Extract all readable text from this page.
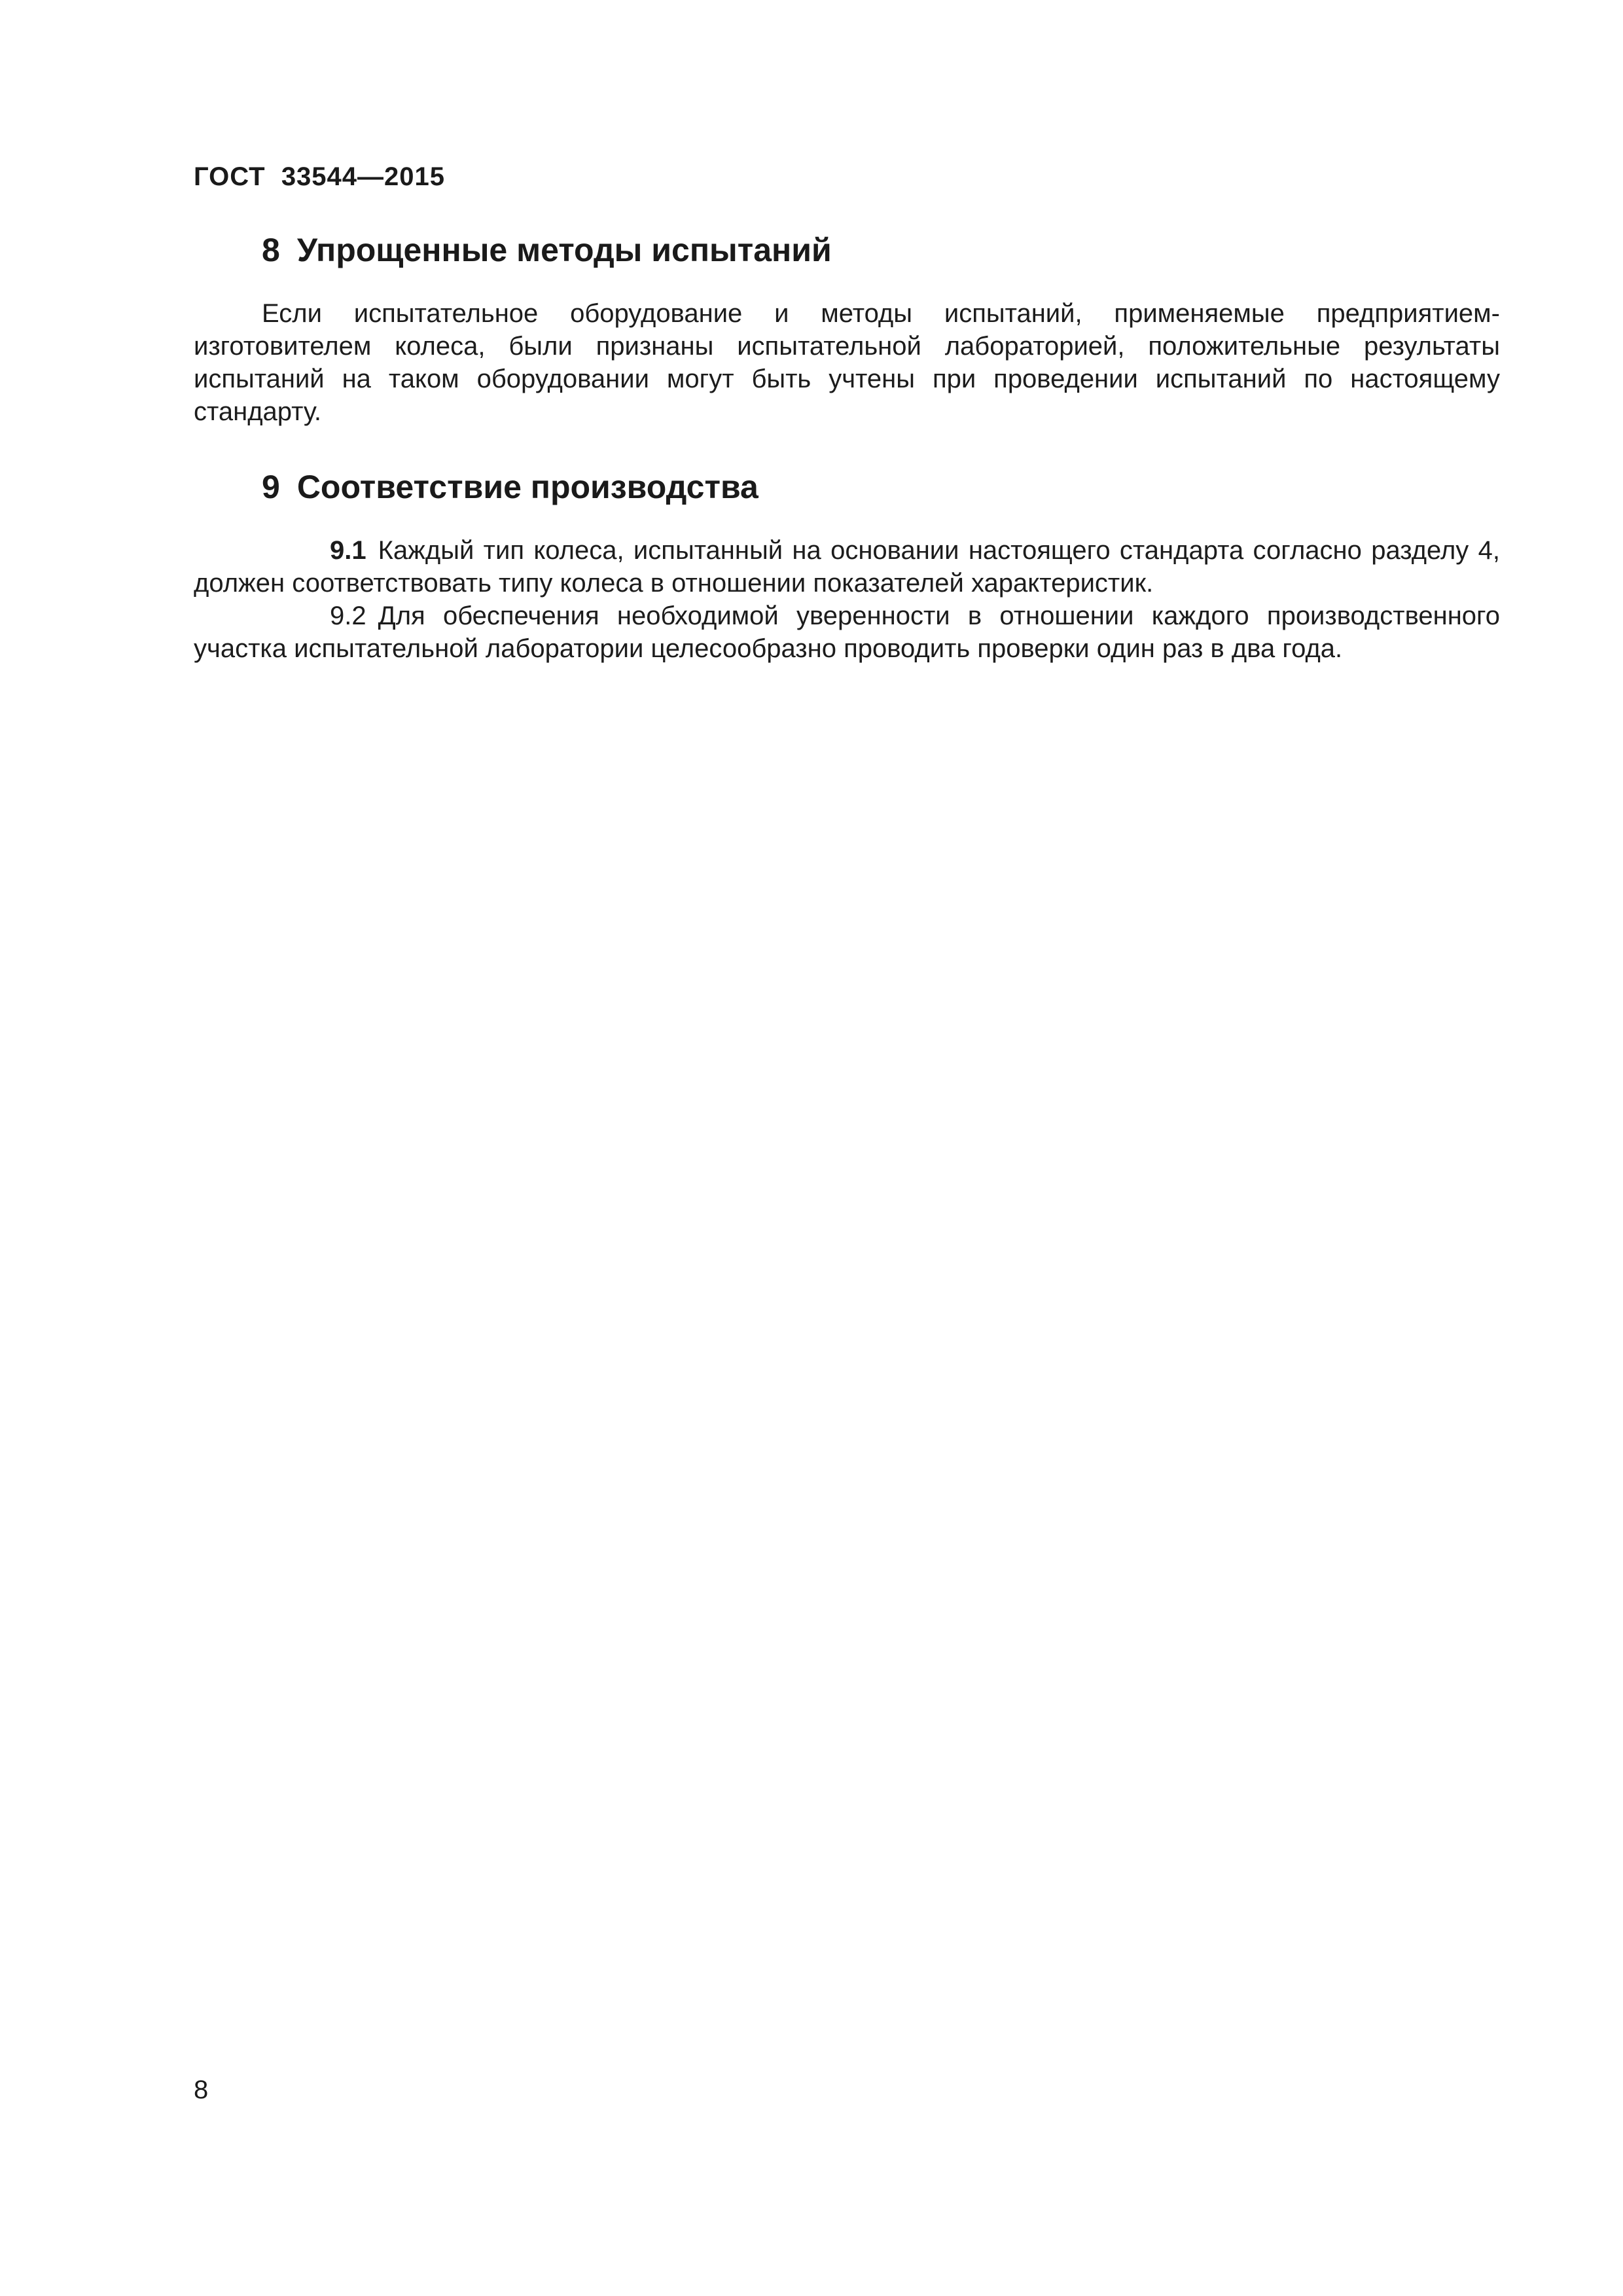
ГОСТ  33544—2015
8 Упрощенные методы испытаний

Если испытательное оборудование и методы испытаний, применяемые предприятием-изготовителем колеса, были признаны испытательной лабораторией, положительные результаты испытаний на таком оборудовании могут быть учтены при проведении испытаний по настоящему стандарту.

9 Соответствие производства

9.1 Каждый тип колеса, испытанный на основании настоящего стандарта согласно разделу 4, должен соответствовать типу колеса в отношении показателей характеристик.

9.2 Для обеспечения необходимой уверенности в отношении каждого производственного участка испытательной лаборатории целесообразно проводить проверки один раз в два года.

8
